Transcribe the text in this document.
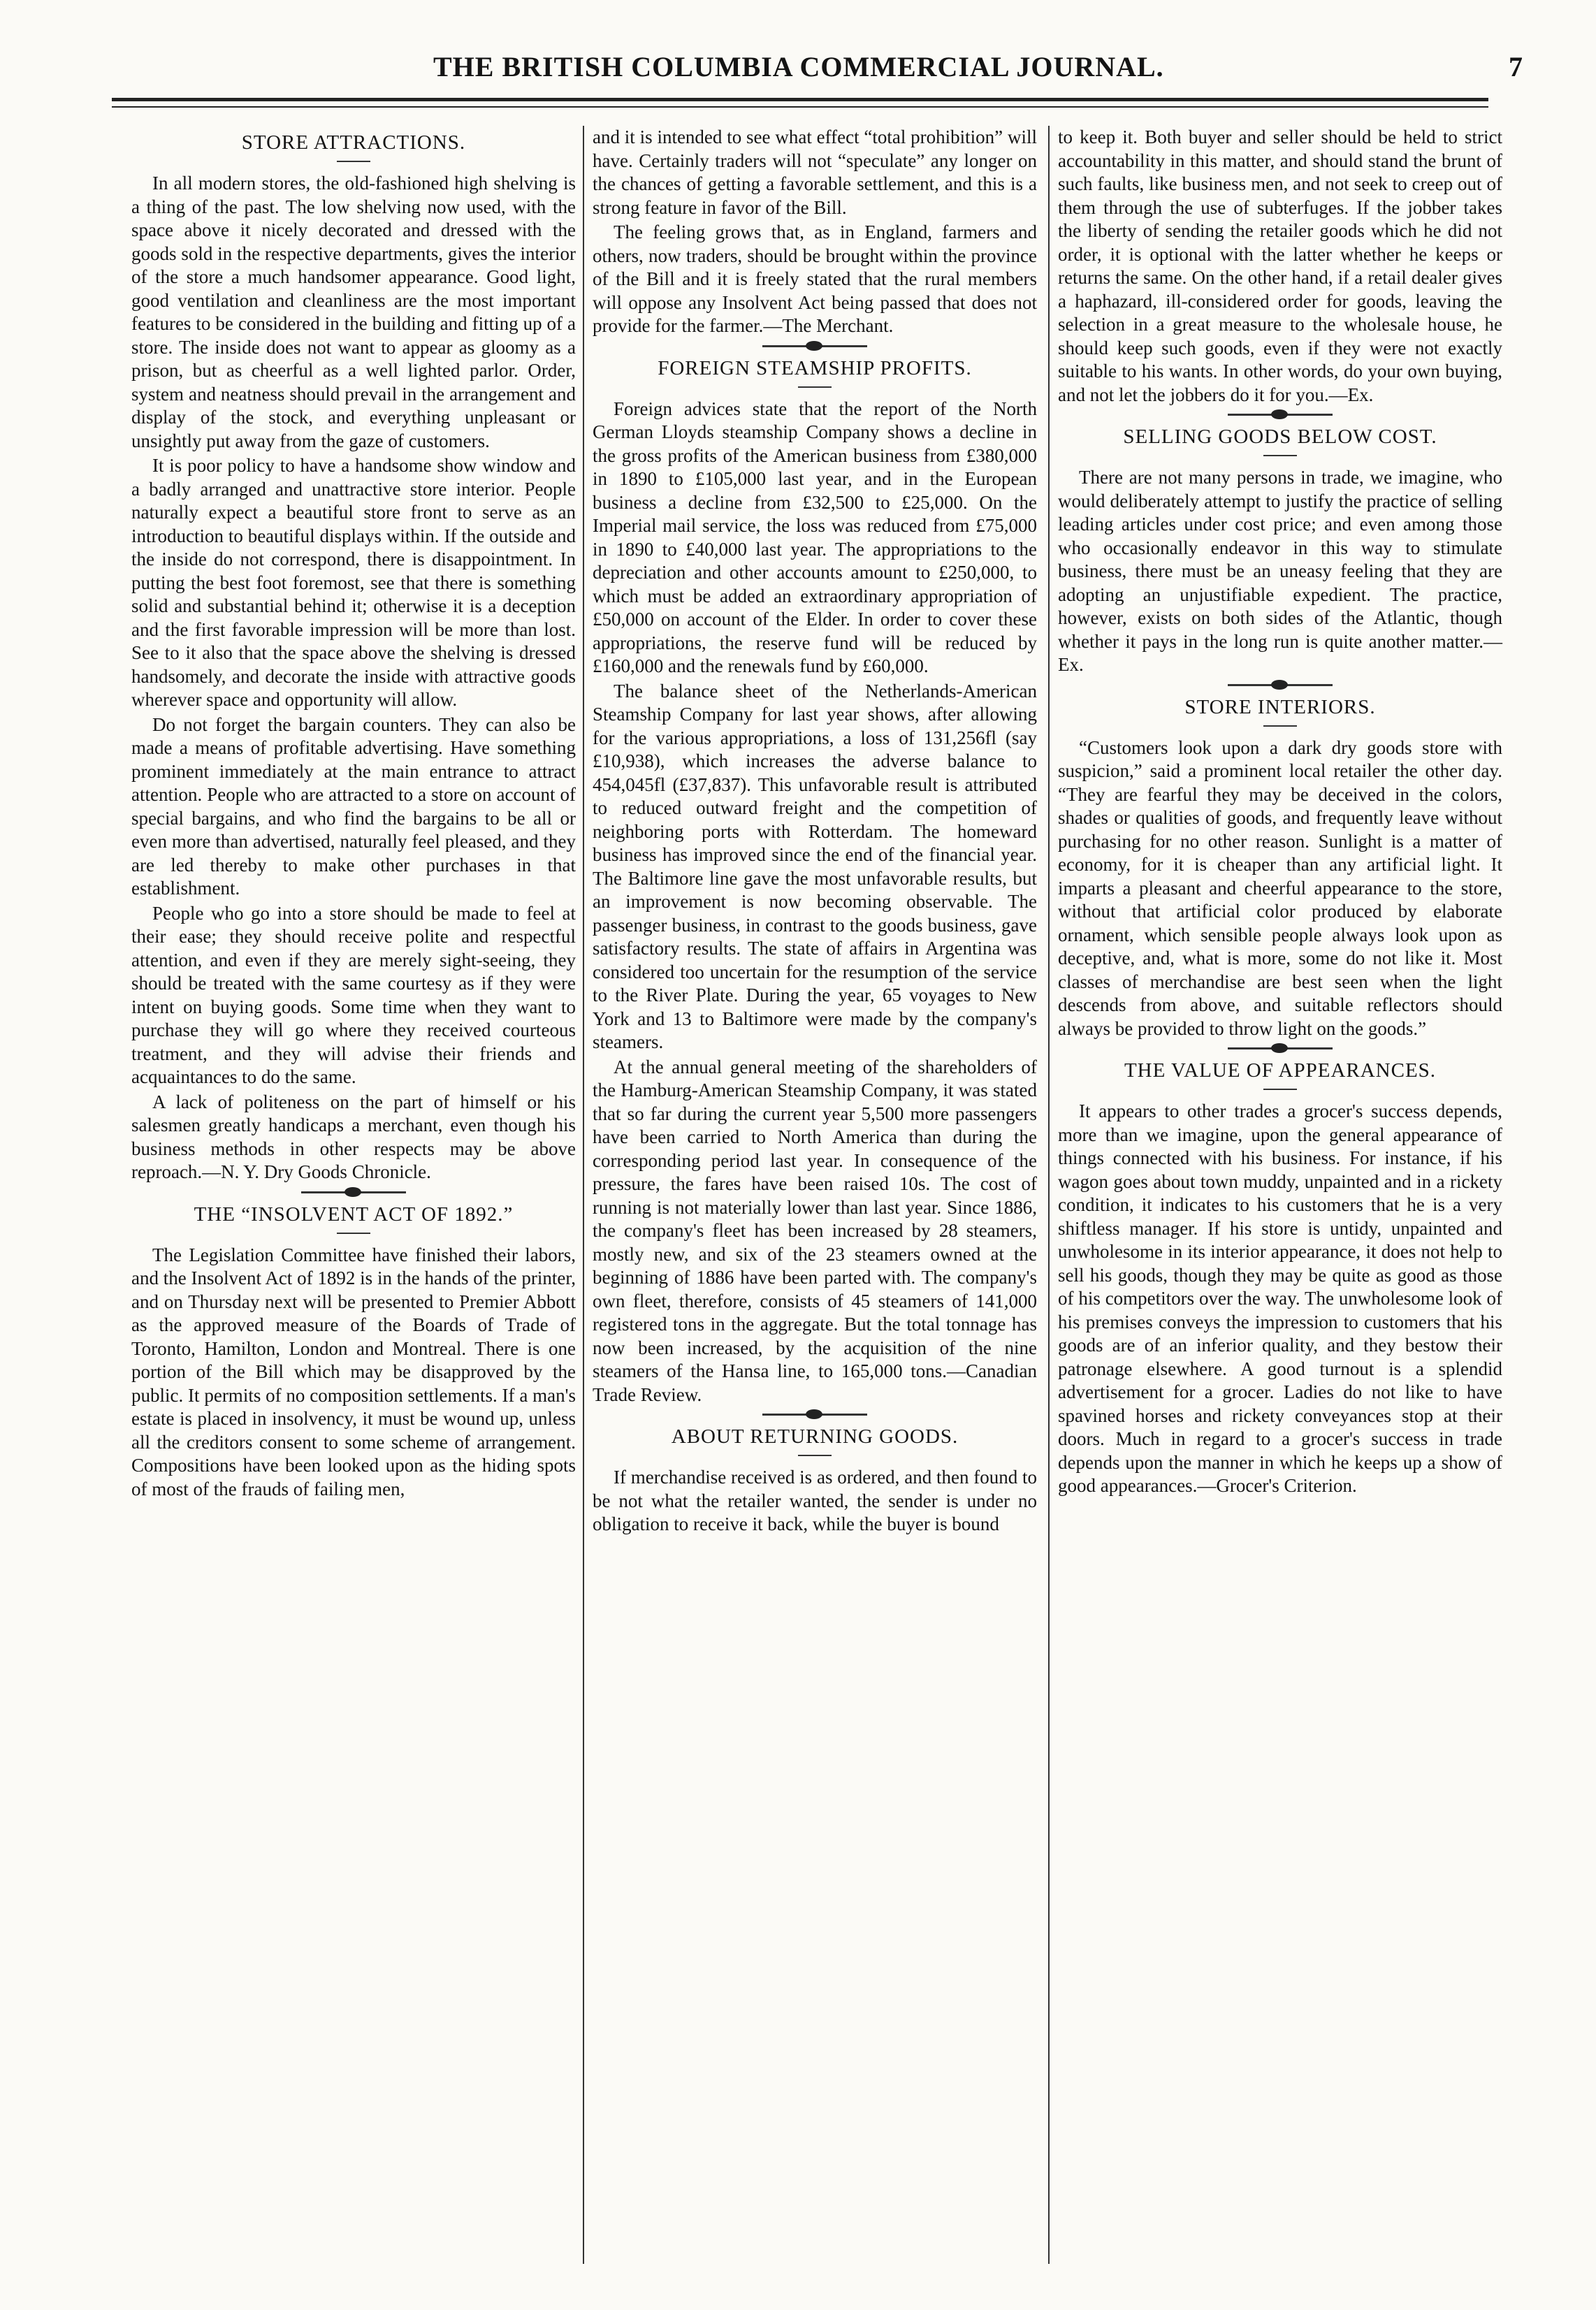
THE BRITISH COLUMBIA COMMERCIAL JOURNAL.	7
STORE ATTRACTIONS.

In all modern stores, the old-fashioned high shelving is a thing of the past. The low shelving now used, with the space above it nicely decorated and dressed with the goods sold in the respective departments, gives the interior of the store a much handsomer appearance. Good light, good ventilation and cleanliness are the most important features to be considered in the building and fitting up of a store. The inside does not want to appear as gloomy as a prison, but as cheerful as a well lighted parlor. Order, system and neatness should prevail in the arrangement and display of the stock, and everything unpleasant or unsightly put away from the gaze of customers.

It is poor policy to have a handsome show window and a badly arranged and unattractive store interior. People naturally expect a beautiful store front to serve as an introduction to beautiful displays within. If the outside and the inside do not correspond, there is disappointment. In putting the best foot foremost, see that there is something solid and substantial behind it; otherwise it is a deception and the first favorable impression will be more than lost. See to it also that the space above the shelving is dressed handsomely, and decorate the inside with attractive goods wherever space and opportunity will allow.

Do not forget the bargain counters. They can also be made a means of profitable advertising. Have something prominent immediately at the main entrance to attract attention. People who are attracted to a store on account of special bargains, and who find the bargains to be all or even more than advertised, naturally feel pleased, and they are led thereby to make other purchases in that establishment.

People who go into a store should be made to feel at their ease; they should receive polite and respectful attention, and even if they are merely sight-seeing, they should be treated with the same courtesy as if they were intent on buying goods. Some time when they want to purchase they will go where they received courteous treatment, and they will advise their friends and acquaintances to do the same.

A lack of politeness on the part of himself or his salesmen greatly handicaps a merchant, even though his business methods in other respects may be above reproach.—N. Y. Dry Goods Chronicle.

THE “INSOLVENT ACT OF 1892.”

The Legislation Committee have finished their labors, and the Insolvent Act of 1892 is in the hands of the printer, and on Thursday next will be presented to Premier Abbott as the approved measure of the Boards of Trade of Toronto, Hamilton, London and Montreal. There is one portion of the Bill which may be disapproved by the public. It permits of no composition settlements. If a man's estate is placed in insolvency, it must be wound up, unless all the creditors consent to some scheme of arrangement. Compositions have been looked upon as the hiding spots of most of the frauds of failing men,

and it is intended to see what effect “total prohibition” will have. Certainly traders will not “speculate” any longer on the chances of getting a favorable settlement, and this is a strong feature in favor of the Bill.

The feeling grows that, as in England, farmers and others, now traders, should be brought within the province of the Bill and it is freely stated that the rural members will oppose any Insolvent Act being passed that does not provide for the farmer.—The Merchant.

FOREIGN STEAMSHIP PROFITS.

Foreign advices state that the report of the North German Lloyds steamship Company shows a decline in the gross profits of the American business from £380,000 in 1890 to £105,000 last year, and in the European business a decline from £32,500 to £25,000. On the Imperial mail service, the loss was reduced from £75,000 in 1890 to £40,000 last year. The appropriations to the depreciation and other accounts amount to £250,000, to which must be added an extraordinary appropriation of £50,000 on account of the Elder. In order to cover these appropriations, the reserve fund will be reduced by £160,000 and the renewals fund by £60,000.

The balance sheet of the Netherlands-American Steamship Company for last year shows, after allowing for the various appropriations, a loss of 131,256fl (say £10,938), which increases the adverse balance to 454,045fl (£37,837). This unfavorable result is attributed to reduced outward freight and the competition of neighboring ports with Rotterdam. The homeward business has improved since the end of the financial year. The Baltimore line gave the most unfavorable results, but an improvement is now becoming observable. The passenger business, in contrast to the goods business, gave satisfactory results. The state of affairs in Argentina was considered too uncertain for the resumption of the service to the River Plate. During the year, 65 voyages to New York and 13 to Baltimore were made by the company's steamers.

At the annual general meeting of the shareholders of the Hamburg-American Steamship Company, it was stated that so far during the current year 5,500 more passengers have been carried to North America than during the corresponding period last year. In consequence of the pressure, the fares have been raised 10s. The cost of running is not materially lower than last year. Since 1886, the company's fleet has been increased by 28 steamers, mostly new, and six of the 23 steamers owned at the beginning of 1886 have been parted with. The company's own fleet, therefore, consists of 45 steamers of 141,000 registered tons in the aggregate. But the total tonnage has now been increased, by the acquisition of the nine steamers of the Hansa line, to 165,000 tons.—Canadian Trade Review.

ABOUT RETURNING GOODS.

If merchandise received is as ordered, and then found to be not what the retailer wanted, the sender is under no obligation to receive it back, while the buyer is bound

to keep it. Both buyer and seller should be held to strict accountability in this matter, and should stand the brunt of such faults, like business men, and not seek to creep out of them through the use of subterfuges. If the jobber takes the liberty of sending the retailer goods which he did not order, it is optional with the latter whether he keeps or returns the same. On the other hand, if a retail dealer gives a haphazard, ill-considered order for goods, leaving the selection in a great measure to the wholesale house, he should keep such goods, even if they were not exactly suitable to his wants. In other words, do your own buying, and not let the jobbers do it for you.—Ex.

SELLING GOODS BELOW COST.

There are not many persons in trade, we imagine, who would deliberately attempt to justify the practice of selling leading articles under cost price; and even among those who occasionally endeavor in this way to stimulate business, there must be an uneasy feeling that they are adopting an unjustifiable expedient. The practice, however, exists on both sides of the Atlantic, though whether it pays in the long run is quite another matter.—Ex.

STORE INTERIORS.

“Customers look upon a dark dry goods store with suspicion,” said a prominent local retailer the other day. “They are fearful they may be deceived in the colors, shades or qualities of goods, and frequently leave without purchasing for no other reason. Sunlight is a matter of economy, for it is cheaper than any artificial light. It imparts a pleasant and cheerful appearance to the store, without that artificial color produced by elaborate ornament, which sensible people always look upon as deceptive, and, what is more, some do not like it. Most classes of merchandise are best seen when the light descends from above, and suitable reflectors should always be provided to throw light on the goods.”

THE VALUE OF APPEARANCES.

It appears to other trades a grocer's success depends, more than we imagine, upon the general appearance of things connected with his business. For instance, if his wagon goes about town muddy, unpainted and in a rickety condition, it indicates to his customers that he is a very shiftless manager. If his store is untidy, unpainted and unwholesome in its interior appearance, it does not help to sell his goods, though they may be quite as good as those of his competitors over the way. The unwholesome look of his premises conveys the impression to customers that his goods are of an inferior quality, and they bestow their patronage elsewhere. A good turnout is a splendid advertisement for a grocer. Ladies do not like to have spavined horses and rickety conveyances stop at their doors. Much in regard to a grocer's success in trade depends upon the manner in which he keeps up a show of good appearances.—Grocer's Criterion.
